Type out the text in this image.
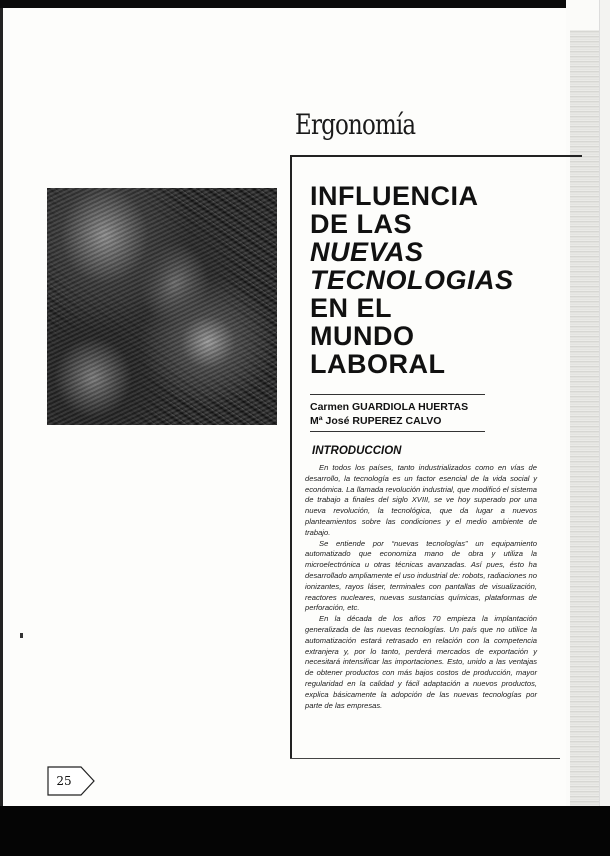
Ergonomía
INFLUENCIA
DE LAS
NUEVAS
TECNOLOGIAS
EN EL
MUNDO
LABORAL
Carmen GUARDIOLA HUERTAS
Mª José RUPEREZ CALVO
INTRODUCCION

En todos los países, tanto industrializados como en vías de desarrollo, la tecnología es un factor esencial de la vida social y económica. La llamada revolución industrial, que modificó el sistema de trabajo a finales del siglo XVIII, se ve hoy superado por una nueva revolución, la tecnológica, que da lugar a nuevos planteamientos sobre las condiciones y el medio ambiente de trabajo.

Se entiende por “nuevas tecnologías” un equipamiento automatizado que economiza mano de obra y utiliza la microelectrónica u otras técnicas avanzadas. Así pues, ésto ha desarrollado ampliamente el uso industrial de: robots, radiaciones no ionizantes, rayos láser, terminales con pantallas de visualización, reactores nucleares, nuevas sustancias químicas, plataformas de perforación, etc.

En la década de los años 70 empieza la implantación generalizada de las nuevas tecnologías. Un país que no utilice la automatización estará retrasado en relación con la competencia extranjera y, por lo tanto, perderá mercados de exportación y necesitará intensificar las importaciones. Esto, unido a las ventajas de obtener productos con más bajos costos de producción, mayor regularidad en la calidad y fácil adaptación a nuevos productos, explica básicamente la adopción de las nuevas tecnologías por parte de las empresas.

25
